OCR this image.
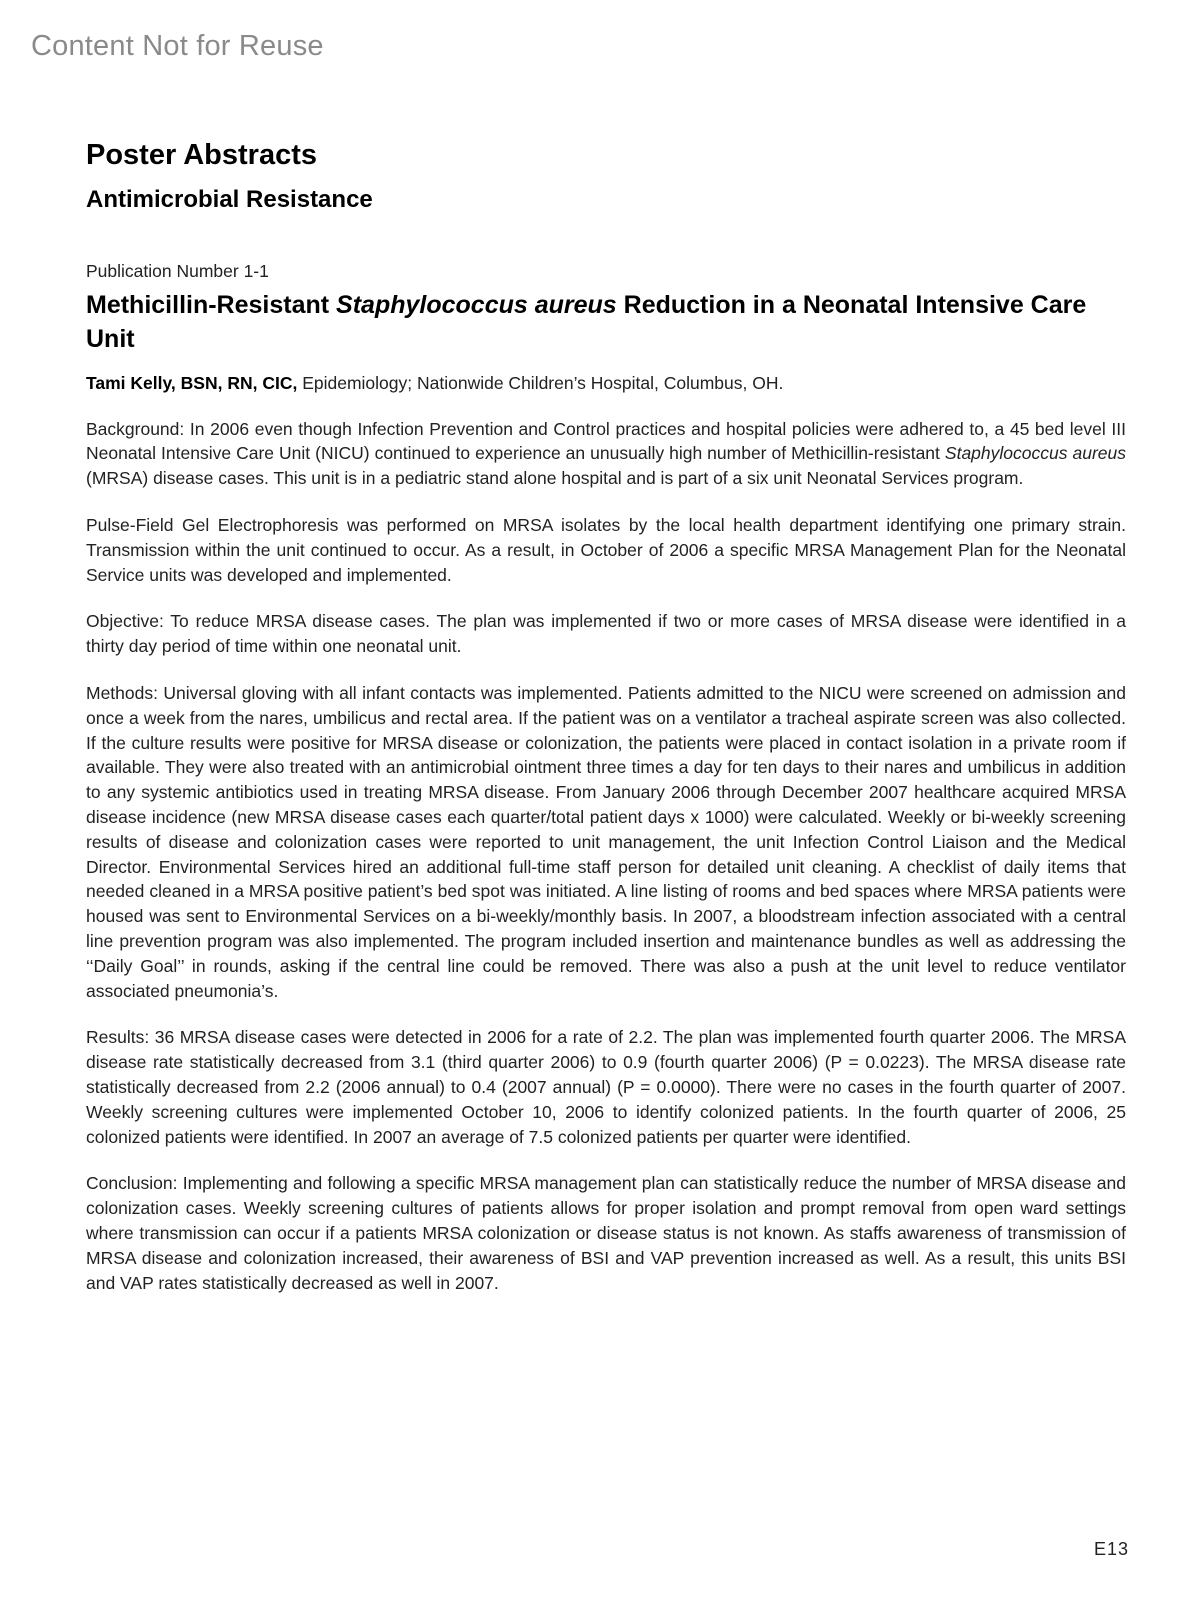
Content Not for Reuse
Poster Abstracts
Antimicrobial Resistance
Publication Number 1-1
Methicillin-Resistant Staphylococcus aureus Reduction in a Neonatal Intensive Care Unit

Tami Kelly, BSN, RN, CIC, Epidemiology; Nationwide Children’s Hospital, Columbus, OH.

Background: In 2006 even though Infection Prevention and Control practices and hospital policies were adhered to, a 45 bed level III Neonatal Intensive Care Unit (NICU) continued to experience an unusually high number of Methicillin-resistant Staphylococcus aureus (MRSA) disease cases. This unit is in a pediatric stand alone hospital and is part of a six unit Neonatal Services program.

Pulse-Field Gel Electrophoresis was performed on MRSA isolates by the local health department identifying one primary strain. Transmission within the unit continued to occur. As a result, in October of 2006 a specific MRSA Management Plan for the Neonatal Service units was developed and implemented.

Objective: To reduce MRSA disease cases. The plan was implemented if two or more cases of MRSA disease were identified in a thirty day period of time within one neonatal unit.

Methods: Universal gloving with all infant contacts was implemented. Patients admitted to the NICU were screened on admission and once a week from the nares, umbilicus and rectal area. If the patient was on a ventilator a tracheal aspirate screen was also collected. If the culture results were positive for MRSA disease or colonization, the patients were placed in contact isolation in a private room if available. They were also treated with an antimicrobial ointment three times a day for ten days to their nares and umbilicus in addition to any systemic antibiotics used in treating MRSA disease. From January 2006 through December 2007 healthcare acquired MRSA disease incidence (new MRSA disease cases each quarter/total patient days x 1000) were calculated. Weekly or bi-weekly screening results of disease and colonization cases were reported to unit management, the unit Infection Control Liaison and the Medical Director. Environmental Services hired an additional full-time staff person for detailed unit cleaning. A checklist of daily items that needed cleaned in a MRSA positive patient’s bed spot was initiated. A line listing of rooms and bed spaces where MRSA patients were housed was sent to Environmental Services on a bi-weekly/monthly basis. In 2007, a bloodstream infection associated with a central line prevention program was also implemented. The program included insertion and maintenance bundles as well as addressing the ‘‘Daily Goal’’ in rounds, asking if the central line could be removed. There was also a push at the unit level to reduce ventilator associated pneumonia’s.

Results: 36 MRSA disease cases were detected in 2006 for a rate of 2.2. The plan was implemented fourth quarter 2006. The MRSA disease rate statistically decreased from 3.1 (third quarter 2006) to 0.9 (fourth quarter 2006) (P = 0.0223). The MRSA disease rate statistically decreased from 2.2 (2006 annual) to 0.4 (2007 annual) (P = 0.0000). There were no cases in the fourth quarter of 2007. Weekly screening cultures were implemented October 10, 2006 to identify colonized patients. In the fourth quarter of 2006, 25 colonized patients were identified. In 2007 an average of 7.5 colonized patients per quarter were identified.

Conclusion: Implementing and following a specific MRSA management plan can statistically reduce the number of MRSA disease and colonization cases. Weekly screening cultures of patients allows for proper isolation and prompt removal from open ward settings where transmission can occur if a patients MRSA colonization or disease status is not known. As staffs awareness of transmission of MRSA disease and colonization increased, their awareness of BSI and VAP prevention increased as well. As a result, this units BSI and VAP rates statistically decreased as well in 2007.

E13
